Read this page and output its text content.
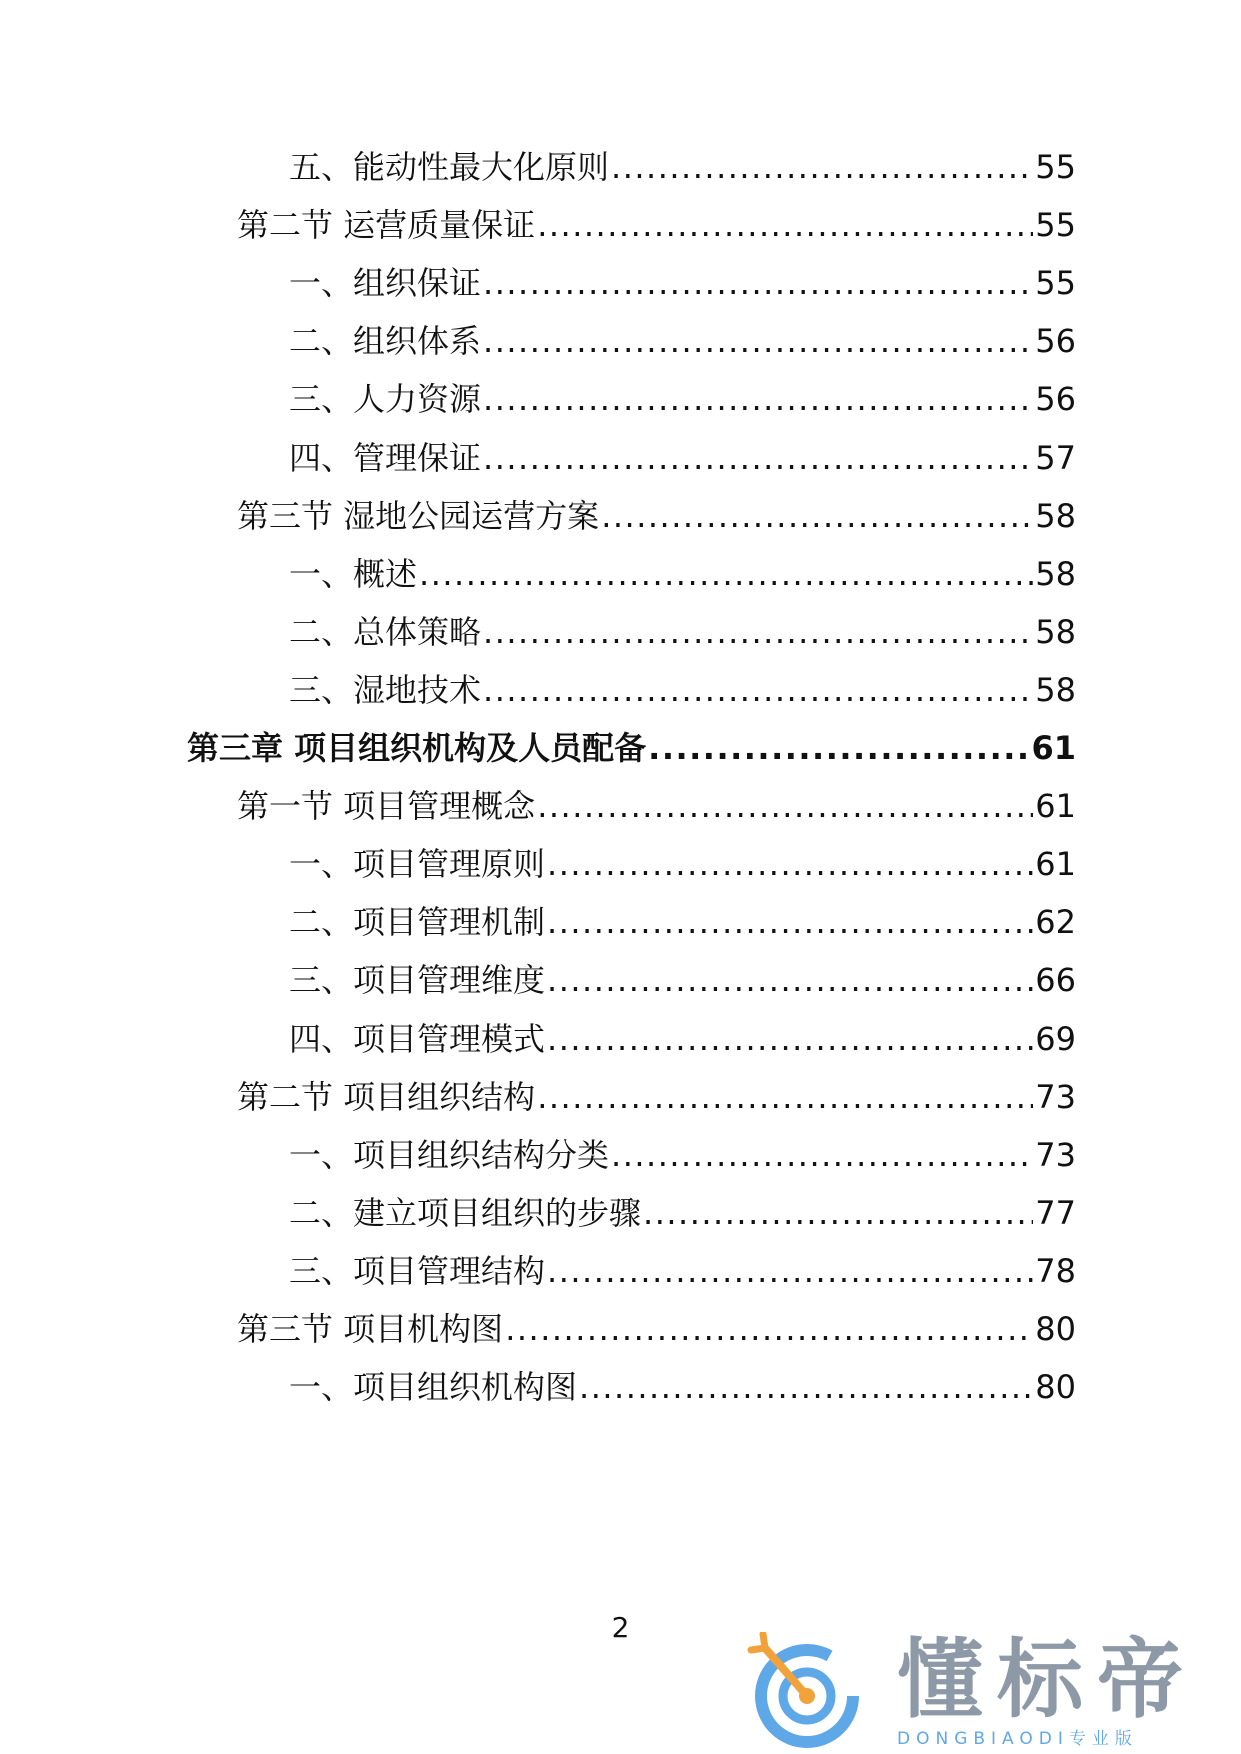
五、能动性最大化原则 .....	55
第二节 运营质量保证 .....	55
一、组织保证 .....	55
二、组织体系 .....	56
三、人力资源 .....	56
四、管理保证 .....	57
第三节 湿地公园运营方案 .....	58
一、概述 .....	58
二、总体策略 .....	58
三、湿地技术 .....	58
第三章 项目组织机构及人员配备 .....	61
第一节 项目管理概念 .....	61
一、项目管理原则 .....	61
二、项目管理机制 .....	62
三、项目管理维度 .....	66
四、项目管理模式 .....	69
第二节 项目组织结构 .....	73
一、项目组织结构分类 .....	73
二、建立项目组织的步骤 .....	77
三、项目管理结构 .....	78
第三节 项目机构图 .....	80
一、项目组织机构图 .....	80
2
懂标帝
DONGBIAODI专业版
